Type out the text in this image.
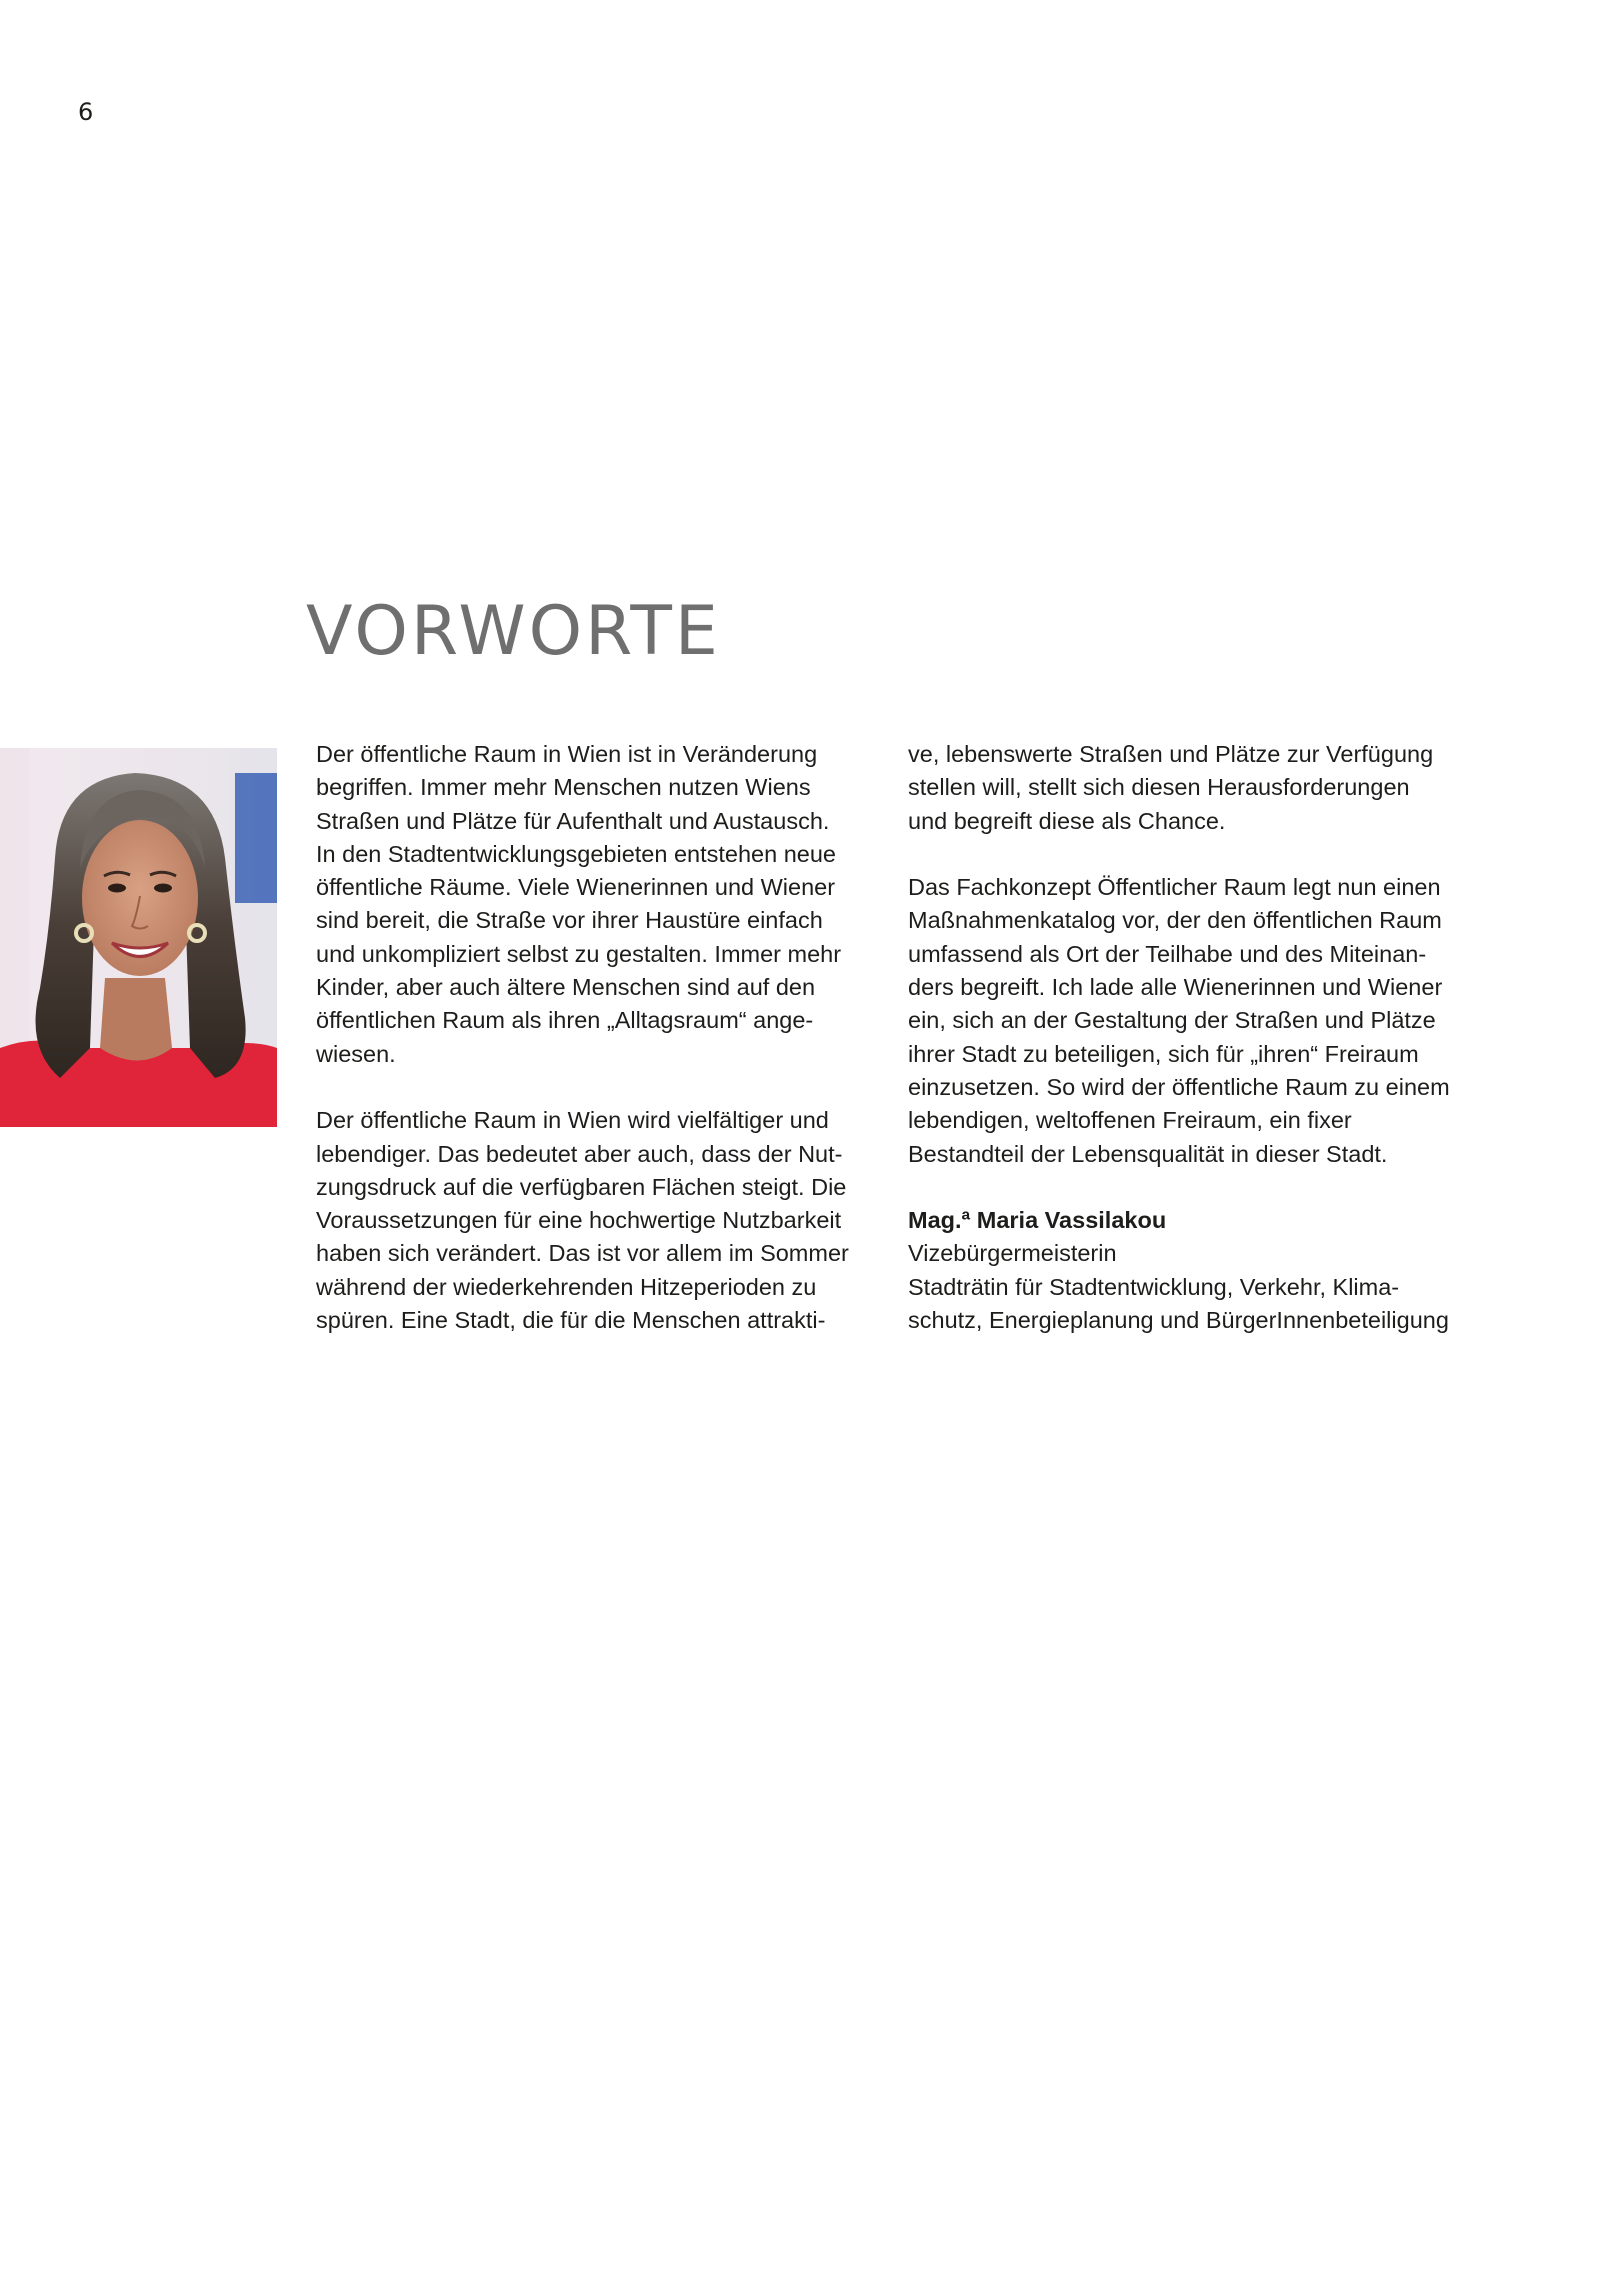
6
VORWORTE

Der öffentliche Raum in Wien ist in Veränderung
begriffen. Immer mehr Menschen nutzen Wiens
Straßen und Plätze für Aufenthalt und Austausch.
In den Stadtentwicklungsgebieten entstehen neue
öffentliche Räume. Viele Wienerinnen und Wiener
sind bereit, die Straße vor ihrer Haustüre einfach
und unkompliziert selbst zu gestalten. Immer mehr
Kinder, aber auch ältere Menschen sind auf den
öffentlichen Raum als ihren „Alltagsraum“ ange-
wiesen.

Der öffentliche Raum in Wien wird vielfältiger und
lebendiger. Das bedeutet aber auch, dass der Nut-
zungsdruck auf die verfügbaren Flächen steigt. Die
Voraussetzungen für eine hochwertige Nutzbarkeit
haben sich verändert. Das ist vor allem im Sommer
während der wiederkehrenden Hitzeperioden zu
spüren. Eine Stadt, die für die Menschen attrakti-

ve, lebenswerte Straßen und Plätze zur Verfügung
stellen will, stellt sich diesen Herausforderungen
und begreift diese als Chance.

Das Fachkonzept Öffentlicher Raum legt nun einen
Maßnahmenkatalog vor, der den öffentlichen Raum
umfassend als Ort der Teilhabe und des Miteinan-
ders begreift. Ich lade alle Wienerinnen und Wiener
ein, sich an der Gestaltung der Straßen und Plätze
ihrer Stadt zu beteiligen, sich für „ihren“ Freiraum
einzusetzen. So wird der öffentliche Raum zu einem
lebendigen, weltoffenen Freiraum, ein fixer
Bestandteil der Lebensqualität in dieser Stadt.

Mag.ª Maria Vassilakou
Vizebürgermeisterin
Stadträtin für Stadtentwicklung, Verkehr, Klima-
schutz, Energieplanung und BürgerInnenbeteiligung
